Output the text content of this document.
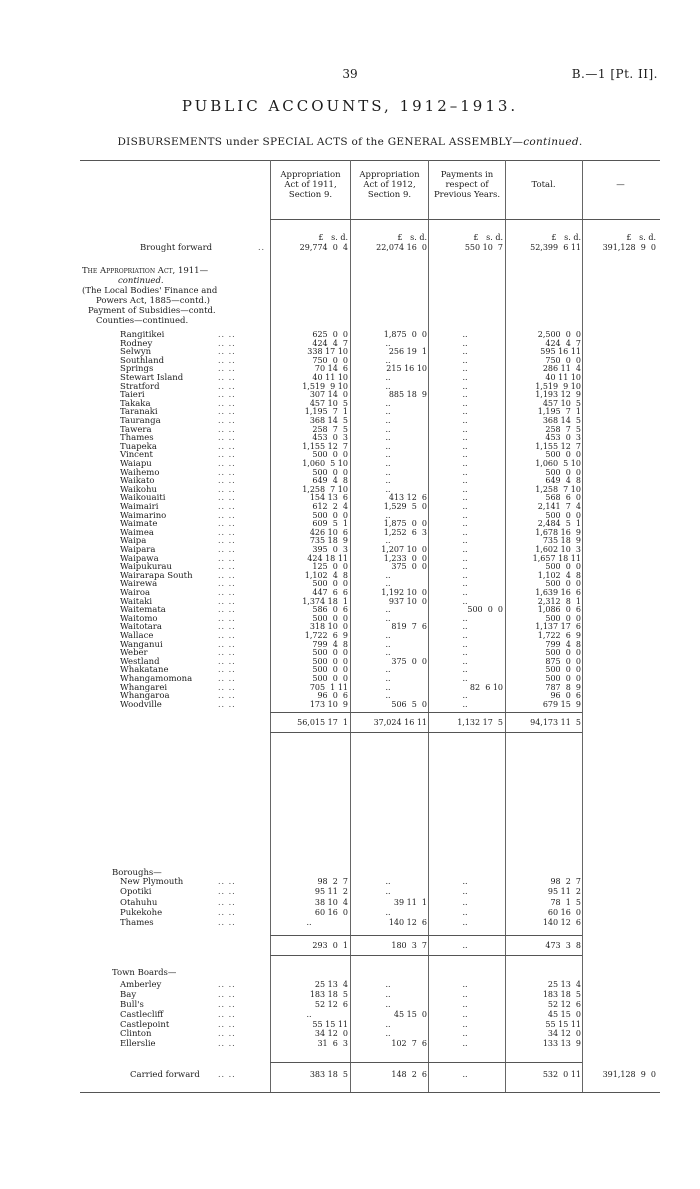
39	B.—1 [Pt. II].
PUBLIC ACCOUNTS, 1912–1913.
DISBURSEMENTS under SPECIAL ACTS of the GENERAL ASSEMBLY—continued.
Appropriation Act of 1911, Section 9.
Appropriation Act of 1912, Section 9.
Payments in respect of Previous Years.
Total.	—
£   s. d.	£   s. d.	£   s. d.	£   s. d.	£   s. d.
Brought forward	..	29,774  0  4	22,074 16  0	550 10  7	52,399  6 11	391,128  9  0
The Appropriation Act, 1911—
continued.
(The Local Bodies' Finance and
Powers Act, 1885—contd.)
Payment of Subsidies—contd.
Counties—continued.
Rangitikei	.. ..	625  0  0	1,875  0  0	..	2,500  0  0
Rodney	.. ..	424  4  7	..	..	424  4  7
Selwyn	.. ..	338 17 10	256 19  1	..	595 16 11
Southland	.. ..	750  0  0	..	..	750  0  0
Springs	.. ..	70 14  6	215 16 10	..	286 11  4
Stewart Island	.. ..	40 11 10	..	..	40 11 10
Stratford	.. ..	1,519  9 10	..	..	1,519  9 10
Taieri	.. ..	307 14  0	885 18  9	..	1,193 12  9
Takaka	.. ..	457 10  5	..	..	457 10  5
Taranaki	.. ..	1,195  7  1	..	..	1,195  7  1
Tauranga	.. ..	368 14  5	..	..	368 14  5
Tawera	.. ..	258  7  5	..	..	258  7  5
Thames	.. ..	453  0  3	..	..	453  0  3
Tuapeka	.. ..	1,155 12  7	..	..	1,155 12  7
Vincent	.. ..	500  0  0	..	..	500  0  0
Waiapu	.. ..	1,060  5 10	..	..	1,060  5 10
Waihemo	.. ..	500  0  0	..	..	500  0  0
Waikato	.. ..	649  4  8	..	..	649  4  8
Waikohu	.. ..	1,258  7 10	..	..	1,258  7 10
Waikouaiti	.. ..	154 13  6	413 12  6	..	568  6  0
Waimairi	.. ..	612  2  4	1,529  5  0	..	2,141  7  4
Waimarino	.. ..	500  0  0	..	..	500  0  0
Waimate	.. ..	609  5  1	1,875  0  0	..	2,484  5  1
Waimea	.. ..	426 10  6	1,252  6  3	..	1,678 16  9
Waipa	.. ..	735 18  9	..	..	735 18  9
Waipara	.. ..	395  0  3	1,207 10  0	..	1,602 10  3
Waipawa	.. ..	424 18 11	1,233  0  0	..	1,657 18 11
Waipukurau	.. ..	125  0  0	375  0  0	..	500  0  0
Wairarapa South	.. ..	1,102  4  8	..	..	1,102  4  8
Wairewa	.. ..	500  0  0	..	..	500  0  0
Wairoa	.. ..	447  6  6	1,192 10  0	..	1,639 16  6
Waitaki	.. ..	1,374 18  1	937 10  0	..	2,312  8  1
Waitemata	.. ..	586  0  6	..	500  0  0	1,086  0  6
Waitomo	.. ..	500  0  0	..	..	500  0  0
Waitotara	.. ..	318 10  0	819  7  6	..	1,137 17  6
Wallace	.. ..	1,722  6  9	..	..	1,722  6  9
Wanganui	.. ..	799  4  8	..	..	799  4  8
Weber	.. ..	500  0  0	..	..	500  0  0
Westland	.. ..	500  0  0	375  0  0	..	875  0  0
Whakatane	.. ..	500  0  0	..	..	500  0  0
Whangamomona	.. ..	500  0  0	..	..	500  0  0
Whangarei	.. ..	705  1 11	..	82  6 10	787  8  9
Whangaroa	.. ..	96  0  6	..	..	96  0  6
Woodville	.. ..	173 10  9	506  5  0	..	679 15  9
56,015 17  1	37,024 16 11	1,132 17  5	94,173 11  5
Boroughs—
New Plymouth	.. ..	98  2  7	..	..	98  2  7
Opotiki	.. ..	95 11  2	..	..	95 11  2
Otahuhu	.. ..	38 10  4	39 11  1	..	78  1  5
Pukekohe	.. ..	60 16  0	..	..	60 16  0
Thames	.. ..	..	140 12  6	..	140 12  6
293  0  1	180  3  7	..	473  3  8
Town Boards—
Amberley	.. ..	25 13  4	..	..	25 13  4
Bay	.. ..	183 18  5	..	..	183 18  5
Bull's	.. ..	52 12  6	..	..	52 12  6
Castlecliff	.. ..	..	45 15  0	..	45 15  0
Castlepoint	.. ..	55 15 11	..	..	55 15 11
Clinton	.. ..	34 12  0	..	..	34 12  0
Ellerslie	.. ..	31  6  3	102  7  6	..	133 13  9
Carried forward .. ..	383 18  5	148  2  6	..	532  0 11	391,128  9  0
